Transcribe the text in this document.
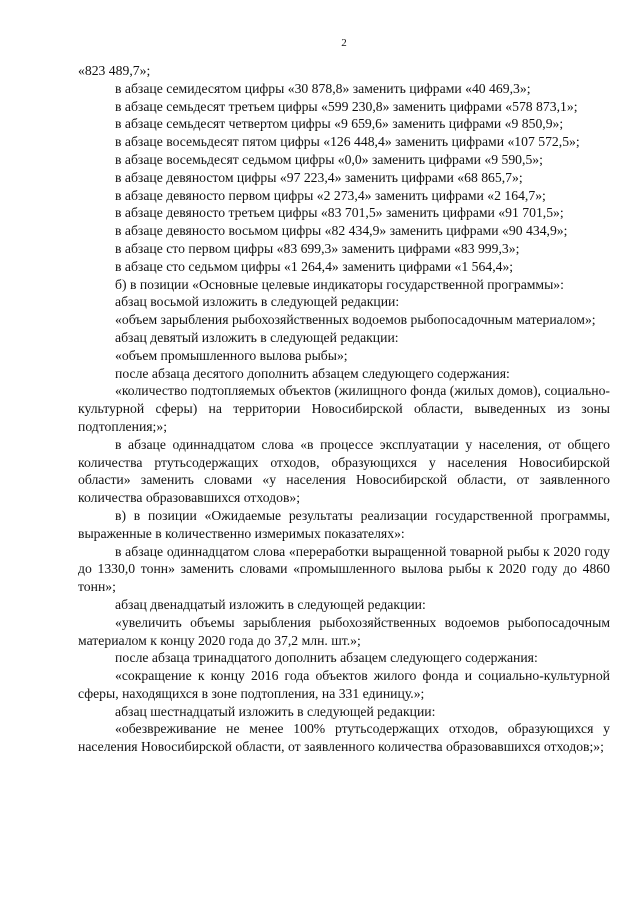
2

«823 489,7»;

в абзаце семидесятом цифры «30 878,8» заменить цифрами «40 469,3»;

в абзаце семьдесят третьем цифры «599 230,8» заменить цифрами «578 873,1»;

в абзаце семьдесят четвертом цифры «9 659,6» заменить цифрами «9 850,9»;

в абзаце восемьдесят пятом цифры «126 448,4» заменить цифрами «107 572,5»;

в абзаце восемьдесят седьмом цифры «0,0» заменить цифрами «9 590,5»;

в абзаце девяностом цифры «97 223,4» заменить цифрами «68 865,7»;

в абзаце девяносто первом цифры «2 273,4» заменить цифрами «2 164,7»;

в абзаце девяносто третьем цифры «83 701,5» заменить цифрами «91 701,5»;

в абзаце девяносто восьмом цифры «82 434,9» заменить цифрами «90 434,9»;

в абзаце сто первом цифры «83 699,3» заменить цифрами «83 999,3»;

в абзаце сто седьмом цифры «1 264,4» заменить цифрами «1 564,4»;

б) в позиции «Основные целевые индикаторы государственной программы»:

абзац восьмой изложить в следующей редакции:

«объем зарыбления рыбохозяйственных водоемов рыбопосадочным материалом»;

абзац девятый изложить в следующей редакции:

«объем промышленного вылова рыбы»;

после абзаца десятого дополнить абзацем следующего содержания:

«количество подтопляемых объектов (жилищного фонда (жилых домов), социально-культурной сферы) на территории Новосибирской области, выведенных из зоны подтопления;»;

в абзаце одиннадцатом слова «в процессе эксплуатации у населения, от общего количества ртутьсодержащих отходов, образующихся у населения Новосибирской области» заменить словами «у населения Новосибирской области, от заявленного количества образовавшихся отходов»;

в) в позиции «Ожидаемые результаты реализации государственной программы, выраженные в количественно измеримых показателях»:

в абзаце одиннадцатом слова «переработки выращенной товарной рыбы к 2020 году до 1330,0 тонн» заменить словами «промышленного вылова рыбы к 2020 году до 4860 тонн»;

абзац двенадцатый изложить в следующей редакции:

«увеличить объемы зарыбления рыбохозяйственных водоемов рыбопосадочным материалом к концу 2020 года до 37,2 млн. шт.»;

после абзаца тринадцатого дополнить абзацем следующего содержания:

«сокращение к концу 2016 года объектов жилого фонда и социально-культурной сферы, находящихся в зоне подтопления, на 331 единицу.»;

абзац шестнадцатый изложить в следующей редакции:

«обезвреживание не менее 100% ртутьсодержащих отходов, образующихся у населения Новосибирской области, от заявленного количества образовавшихся отходов;»;
